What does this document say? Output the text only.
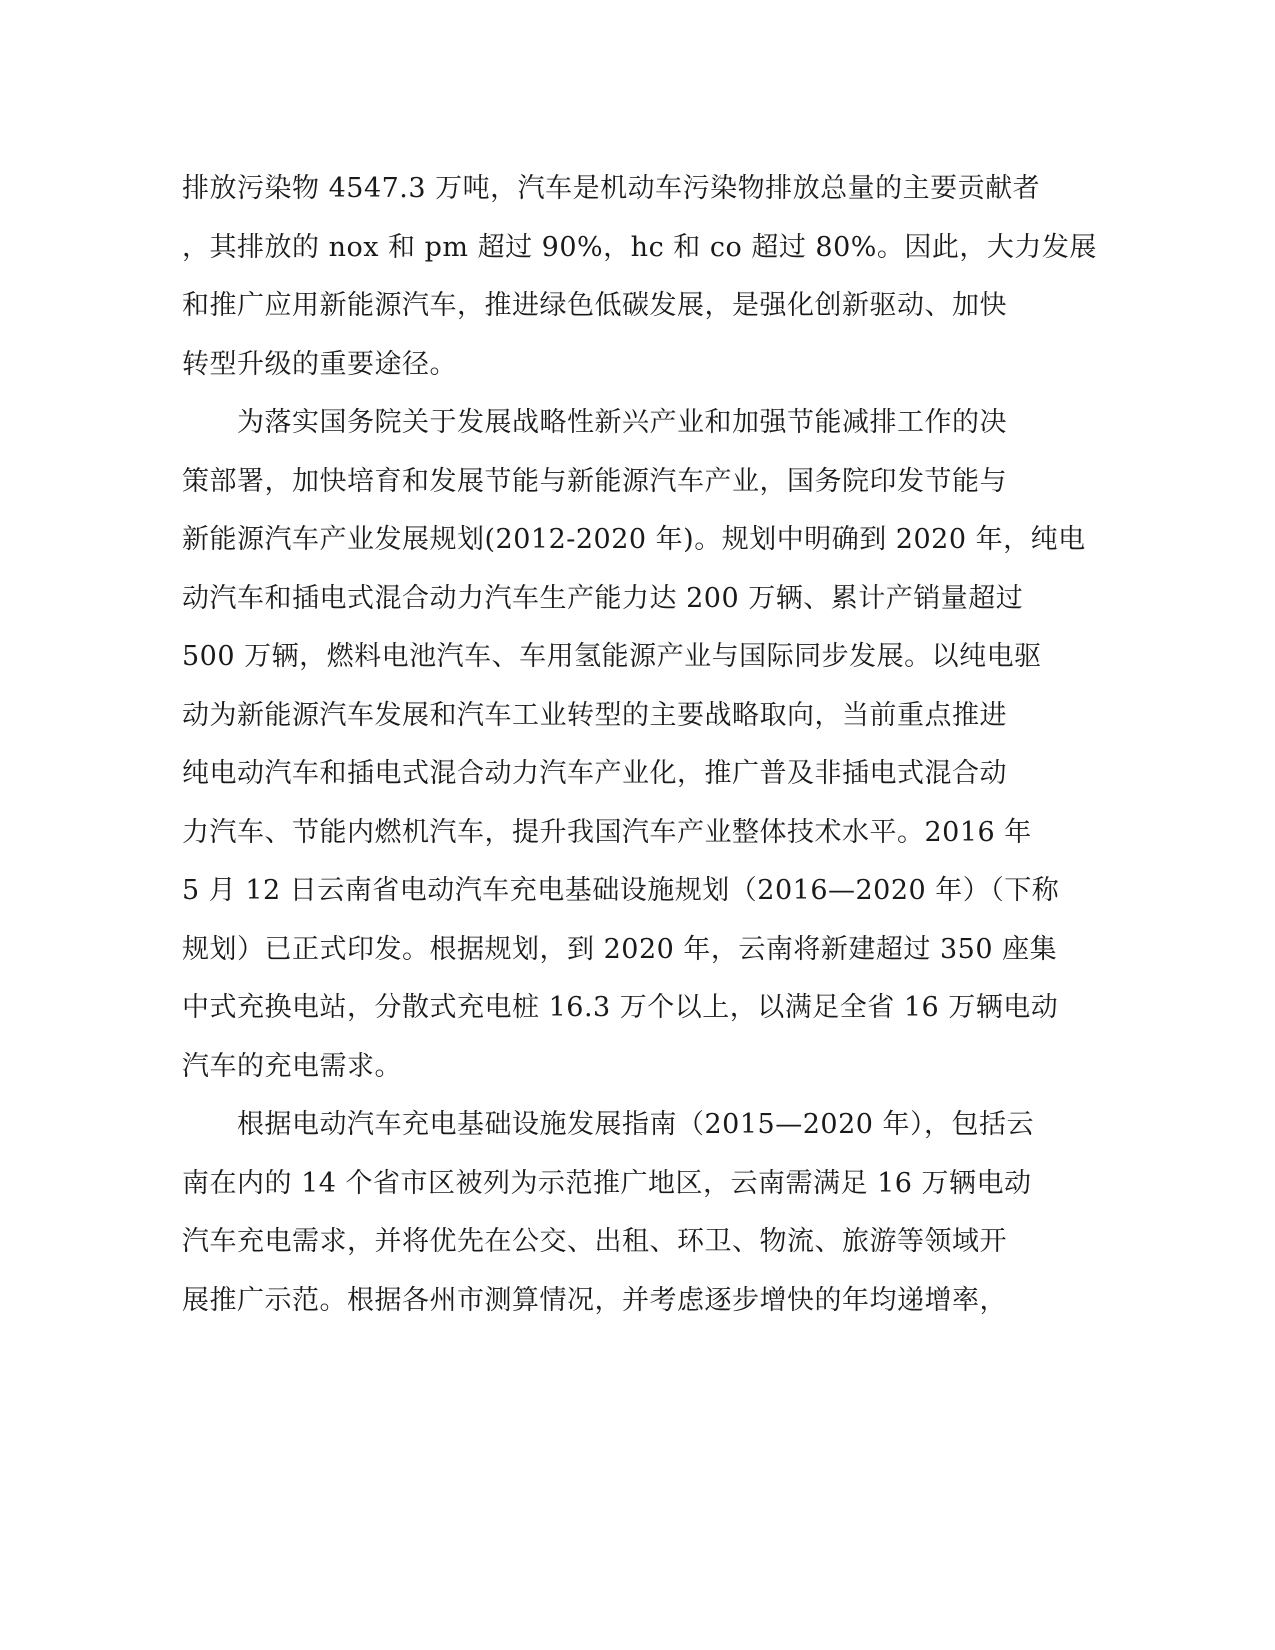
排放污染物 4547.3 万吨，汽车是机动车污染物排放总量的主要贡献者
，其排放的 nox 和 pm 超过 90%，hc 和 co 超过 80%。因此，大力发展
和推广应用新能源汽车，推进绿色低碳发展，是强化创新驱动、加快
转型升级的重要途径。
　　为落实国务院关于发展战略性新兴产业和加强节能减排工作的决
策部署，加快培育和发展节能与新能源汽车产业，国务院印发节能与
新能源汽车产业发展规划(2012-2020 年)。规划中明确到 2020 年，纯电
动汽车和插电式混合动力汽车生产能力达 200 万辆、累计产销量超过
500 万辆，燃料电池汽车、车用氢能源产业与国际同步发展。以纯电驱
动为新能源汽车发展和汽车工业转型的主要战略取向，当前重点推进
纯电动汽车和插电式混合动力汽车产业化，推广普及非插电式混合动
力汽车、节能内燃机汽车，提升我国汽车产业整体技术水平。2016 年
5 月 12 日云南省电动汽车充电基础设施规划（2016—2020 年）（下称
规划）已正式印发。根据规划，到 2020 年，云南将新建超过 350 座集
中式充换电站，分散式充电桩 16.3 万个以上，以满足全省 16 万辆电动
汽车的充电需求。
　　根据电动汽车充电基础设施发展指南（2015—2020 年），包括云
南在内的 14 个省市区被列为示范推广地区，云南需满足 16 万辆电动
汽车充电需求，并将优先在公交、出租、环卫、物流、旅游等领域开
展推广示范。根据各州市测算情况，并考虑逐步增快的年均递增率，
